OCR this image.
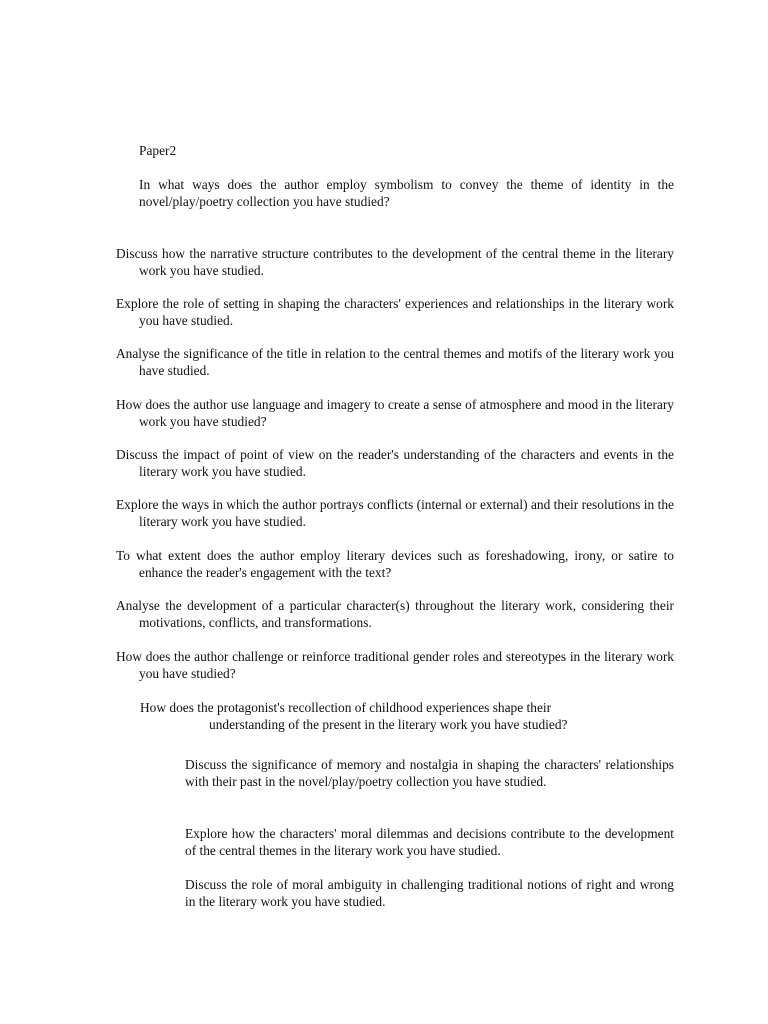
Paper2

In what ways does the author employ symbolism to convey the theme of identity in the novel/play/poetry collection you have studied?

Discuss how the narrative structure contributes to the development of the central theme in the literary work you have studied.

Explore the role of setting in shaping the characters' experiences and relationships in the literary work you have studied.

Analyse the significance of the title in relation to the central themes and motifs of the literary work you have studied.

How does the author use language and imagery to create a sense of atmosphere and mood in the literary work you have studied?

Discuss the impact of point of view on the reader's understanding of the characters and events in the literary work you have studied.

Explore the ways in which the author portrays conflicts (internal or external) and their resolutions in the literary work you have studied.

To what extent does the author employ literary devices such as foreshadowing, irony, or satire to enhance the reader's engagement with the text?

Analyse the development of a particular character(s) throughout the literary work, considering their motivations, conflicts, and transformations.

How does the author challenge or reinforce traditional gender roles and stereotypes in the literary work you have studied?

How does the protagonist's recollection of childhood experiences shape their
understanding of the present in the literary work you have studied?

Discuss the significance of memory and nostalgia in shaping the characters' relationships with their past in the novel/play/poetry collection you have studied.

Explore how the characters' moral dilemmas and decisions contribute to the development of the central themes in the literary work you have studied.

Discuss the role of moral ambiguity in challenging traditional notions of right and wrong in the literary work you have studied.
